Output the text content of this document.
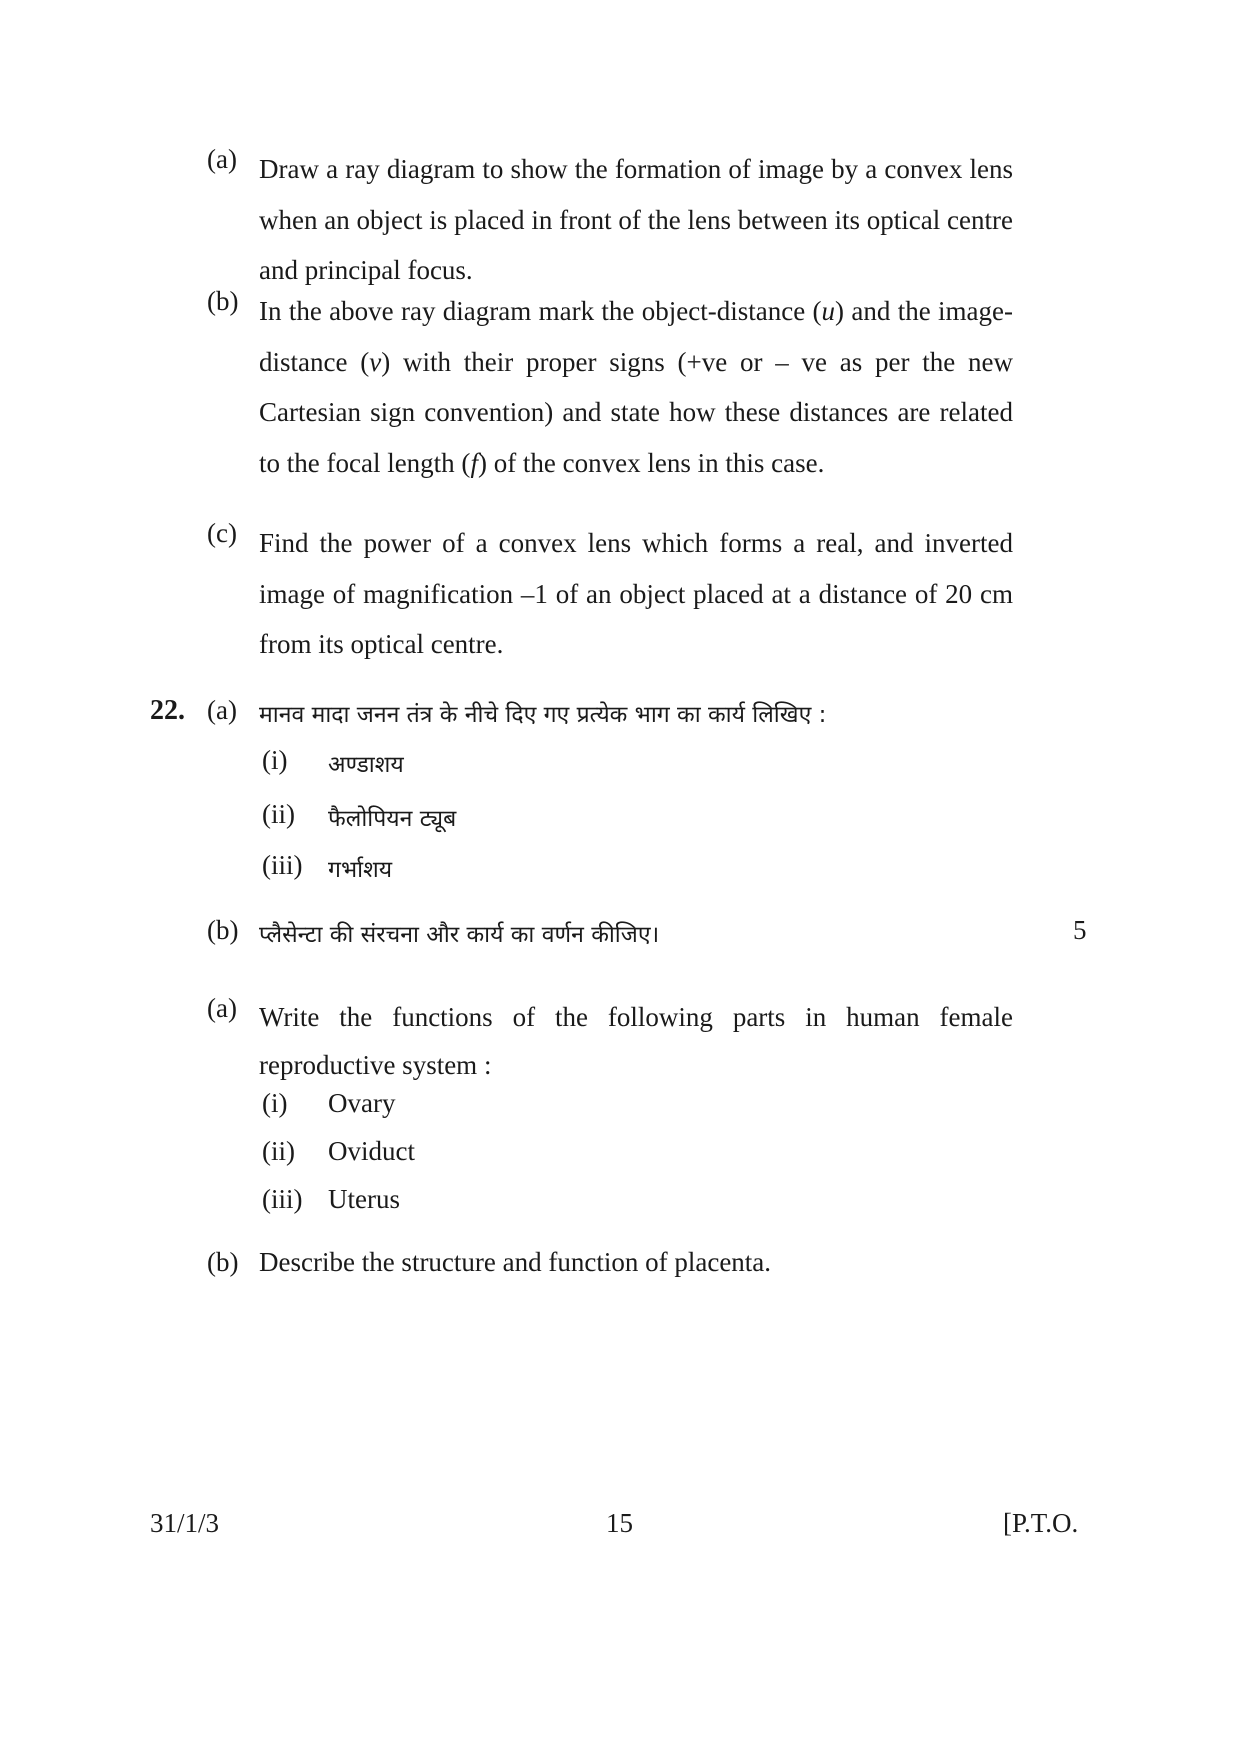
(a) Draw a ray diagram to show the formation of image by a convex lens when an object is placed in front of the lens between its optical centre and principal focus.

(b) In the above ray diagram mark the object-distance (u) and the image-distance (v) with their proper signs (+ve or – ve as per the new Cartesian sign convention) and state how these distances are related to the focal length (f) of the convex lens in this case.

(c) Find the power of a convex lens which forms a real, and inverted image of magnification –1 of an object placed at a distance of 20 cm from its optical centre.

22. (a) मानव मादा जनन तंत्र के नीचे दिए गए प्रत्येक भाग का कार्य लिखिए :
(i) अण्डाशय
(ii) फैलोपियन ट्यूब
(iii) गर्भाशय
(b) प्लैसेन्टा की संरचना और कार्य का वर्णन कीजिए।	5
(a) Write the functions of the following parts in human female reproductive system :

(i) Ovary
(ii) Oviduct
(iii) Uterus
(b) Describe the structure and function of placenta.
31/1/3	15	[P.T.O.
